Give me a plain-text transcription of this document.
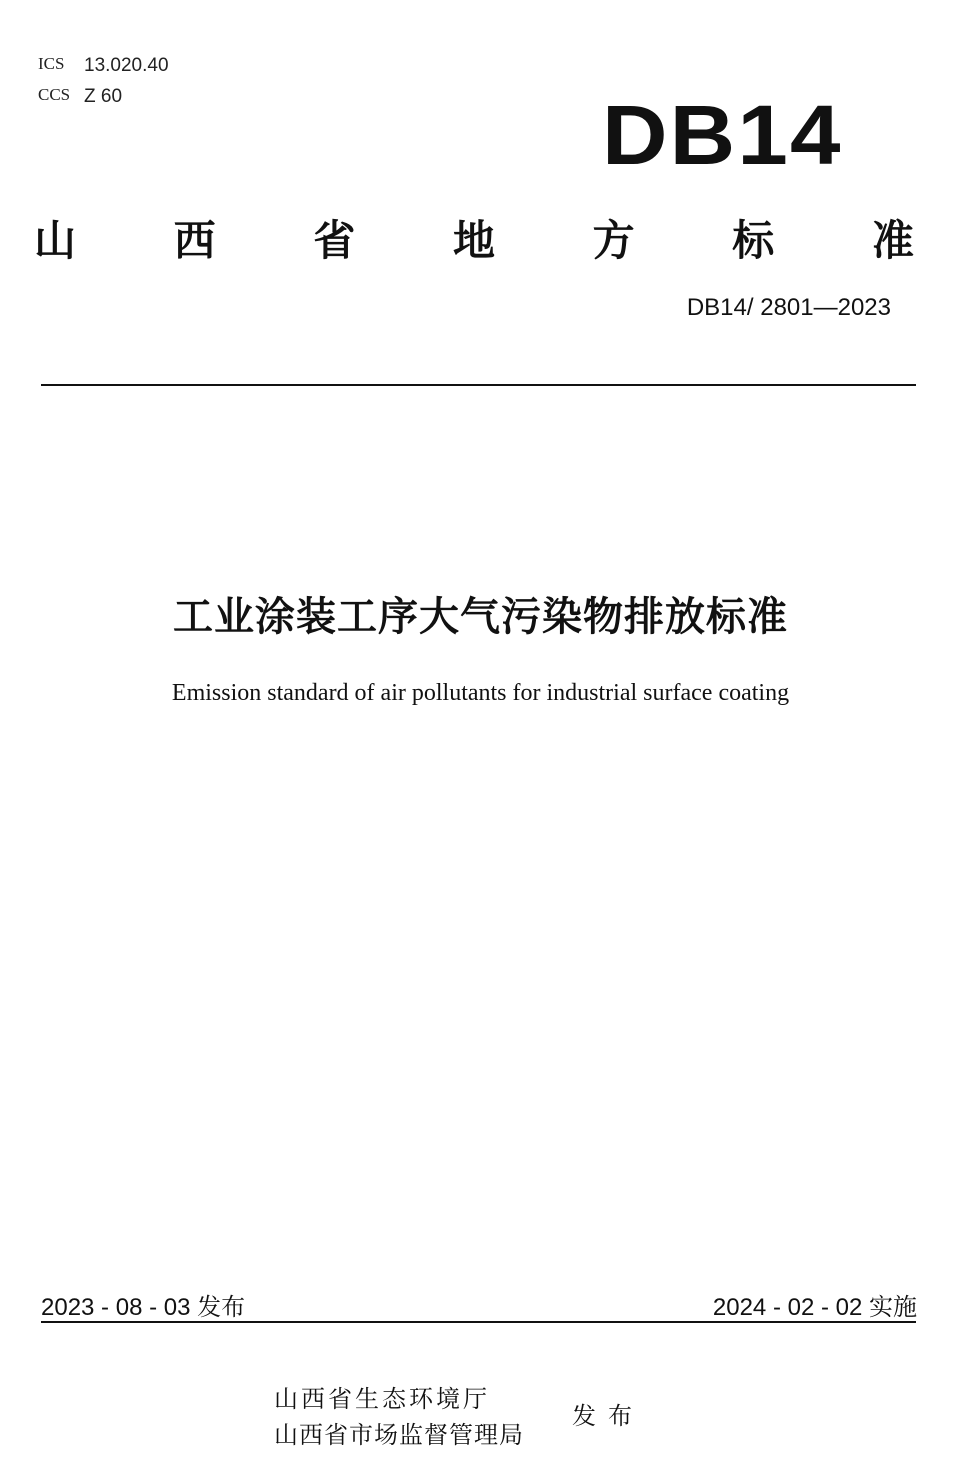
ICS 13.020.40
CCS Z 60	DB14
山 西 省 地 方 标 准
DB14/ 2801—2023
工业涂装工序大气污染物排放标准
Emission standard of air pollutants for industrial surface coating
2023 - 08 - 03 发布	2024 - 02 - 02 实施
山西省生态环境厅
山西省市场监督管理局
发布
